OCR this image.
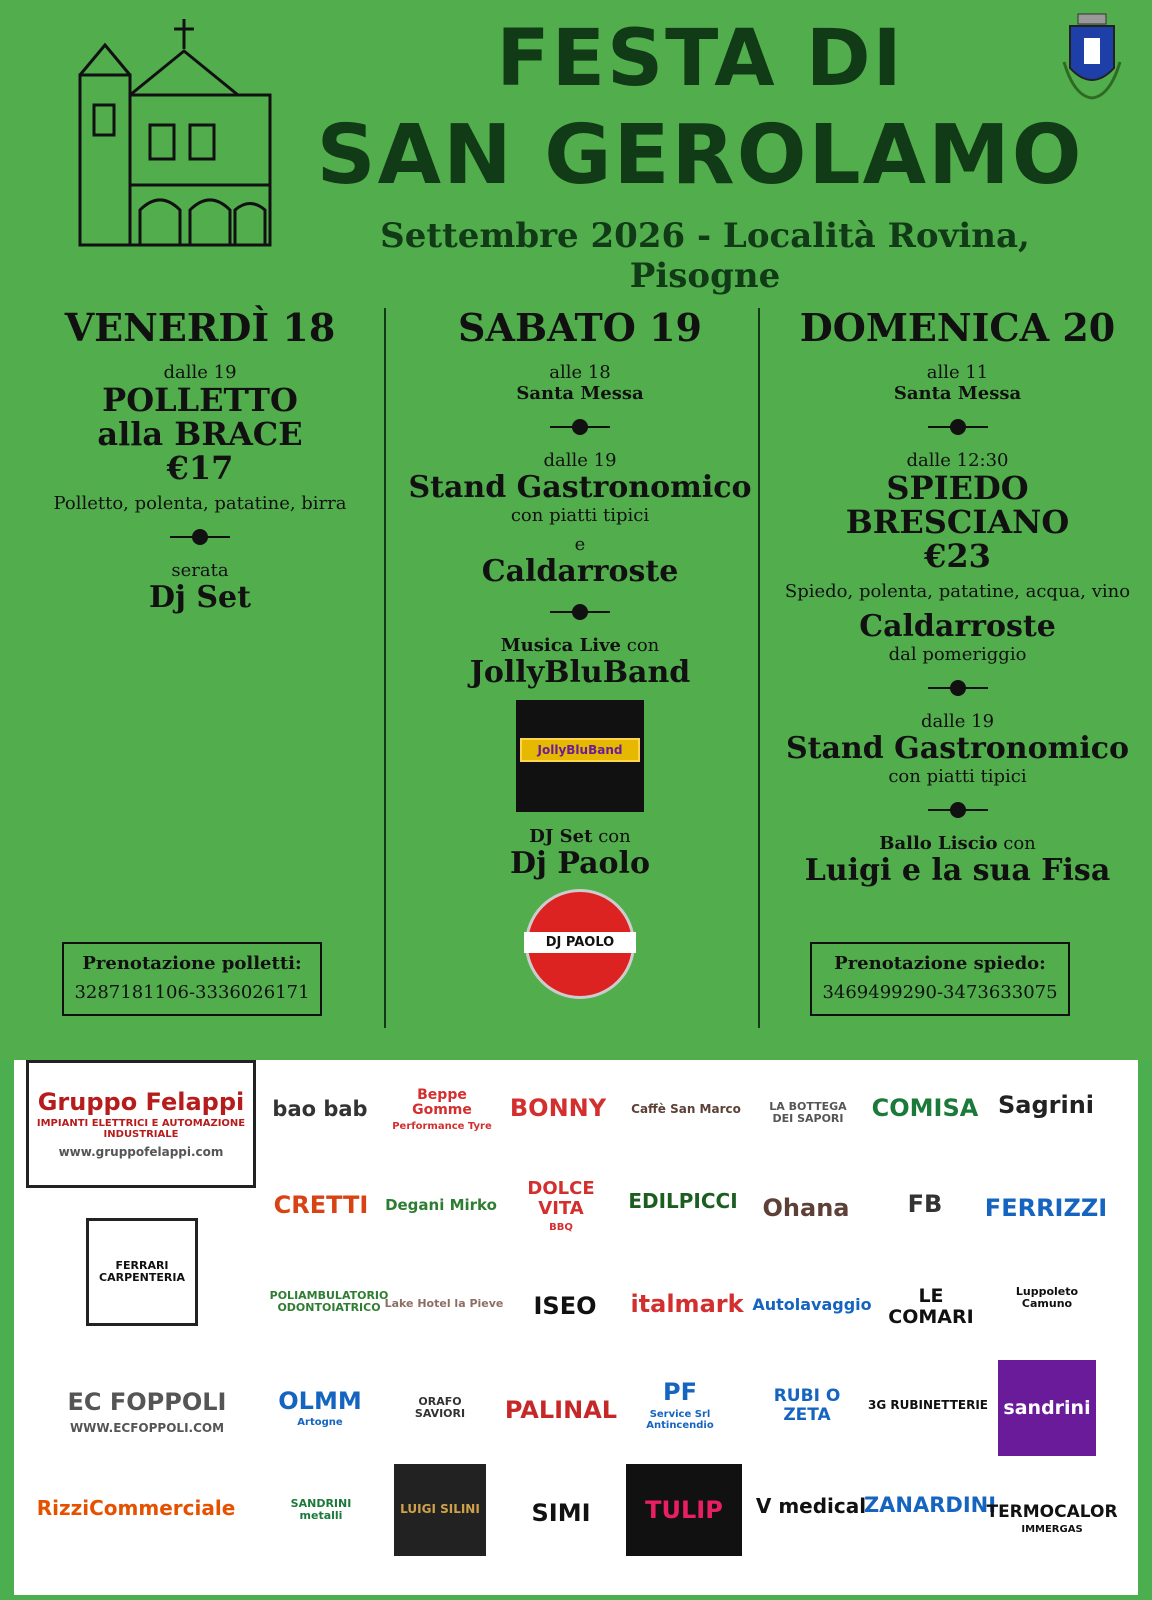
FESTA DI
SAN GEROLAMO
Settembre 2026 - Località Rovina, Pisogne
VENERDÌ 18
dalle 19
POLLETTO
alla BRACE
€17
Polletto, polenta, patatine, birra
serata
Dj Set
SABATO 19
alle 18
Santa Messa
dalle 19
Stand Gastronomico
con piatti tipici
e
Caldarroste
Musica Live con
JollyBluBand
JollyBluBand
DJ Set con
Dj Paolo
DJ PAOLO
DOMENICA 20
alle 11
Santa Messa
dalle 12:30
SPIEDO
BRESCIANO
€23
Spiedo, polenta, patatine, acqua, vino
Caldarroste
dal pomeriggio
dalle 19
Stand Gastronomico
con piatti tipici
Ballo Liscio con
Luigi e la sua Fisa
Prenotazione polletti:
3287181106-3336026171
Prenotazione spiedo:
3469499290-3473633075
Gruppo Felappi
IMPIANTI ELETTRICI E AUTOMAZIONE INDUSTRIALE
www.gruppofelappi.com
bao bab
Beppe Gomme
Performance Tyre
BONNY Caffè San Marco	LA BOTTEGA DEI SAPORI	COMISA Sagrini
FERRARI CARPENTERIA
CRETTI Degani Mirko
DOLCE VITA
BBQ
EDILPICCI Ohana FB FERRIZZI
POLIAMBULATORIO ODONTOIATRICO Lake Hotel la Pieve ISEO italmark Autolavaggio	LE COMARI
Luppoleto Camuno
EC FOPPOLI
WWW.ECFOPPOLI.COM
OLMM
Artogne
ORAFO SAVIORI	PALINAL
PF
Service Srl Antincendio
RUBI O ZETA	3G RUBINETTERIE sandrini
RizziCommerciale	SANDRINI metalli	LUIGI SILINI SIMI TULIP V medical
ZANARDINI
TERMOCALOR
IMMERGAS
